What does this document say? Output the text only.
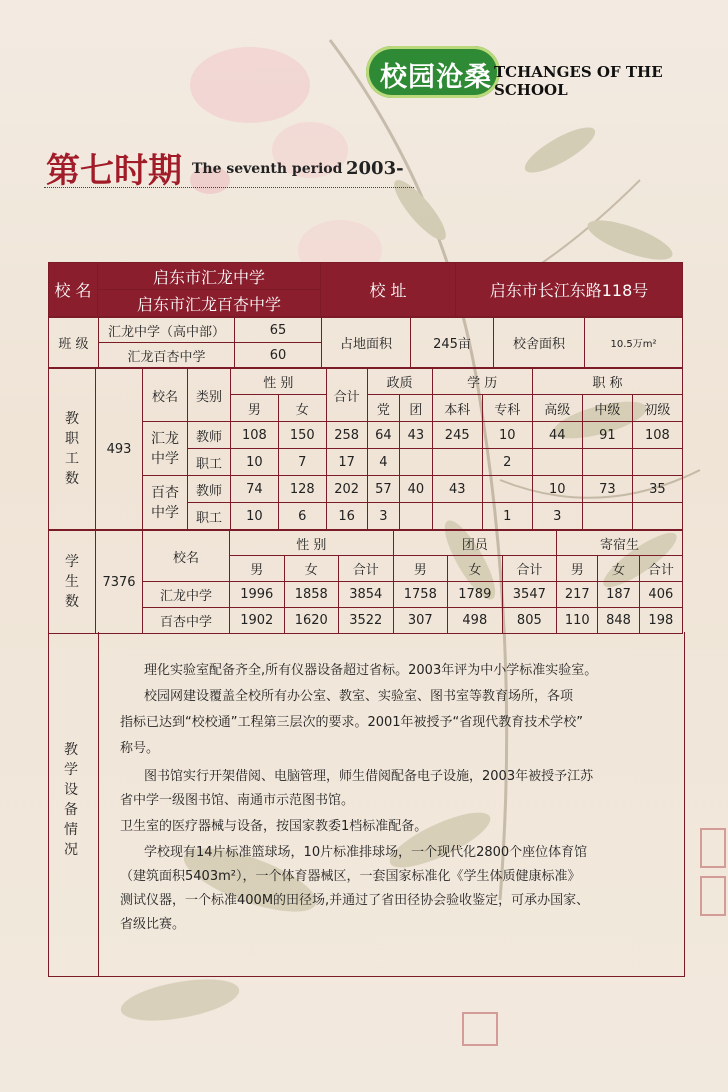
校园沧桑 TCHANGES OF THE SCHOOL
第七时期 The seventh period 2003-
校 名	启东市汇龙中学	校 址	启东市长江东路118号
启东市汇龙百杏中学
班 级	汇龙中学（高中部）	65	占地面积	245亩	校舍面积	10.5万m²
	汇龙百杏中学	60				
教职工数	493	校名	类别	性 别		合计	政质		学 历		职 称		
				男	女		党	团	本科	专科	高级	中级	初级

		汇龙中学	教师	108	150	258	64	43	245	10	44	91	108
			职工	10	7	17	4			2			

		百杏中学	教师	74	128	202	57	40	43		10	73	35
			职工	10	6	16	3			1	3		
学生数	7376	校名	性 别			团员			寄宿生		
			男	女	合计	男	女	合计	男	女	合计
		汇龙中学	1996	1858	3854	1758	1789	3547	217	187	406
		百杏中学	1902	1620	3522	307	498	805	110	848	198
教学设备情况
理化实验室配备齐全,所有仪器设备超过省标。2003年评为中小学标准实验室。
校园网建设覆盖全校所有办公室、教室、实验室、图书室等教育场所，各项
指标已达到“校校通”工程第三层次的要求。2001年被授予“省现代教育技术学校”
称号。
图书馆实行开架借阅、电脑管理，师生借阅配备电子设施，2003年被授予江苏
省中学一级图书馆、南通市示范图书馆。
卫生室的医疗器械与设备，按国家教委1档标准配备。
学校现有14片标准篮球场，10片标准排球场，一个现代化2800个座位体育馆
（建筑面积5403m²），一个体育器械区，一套国家标准化《学生体质健康标准》
测试仪器，一个标准400M的田径场,并通过了省田径协会验收鉴定，可承办国家、
省级比赛。
